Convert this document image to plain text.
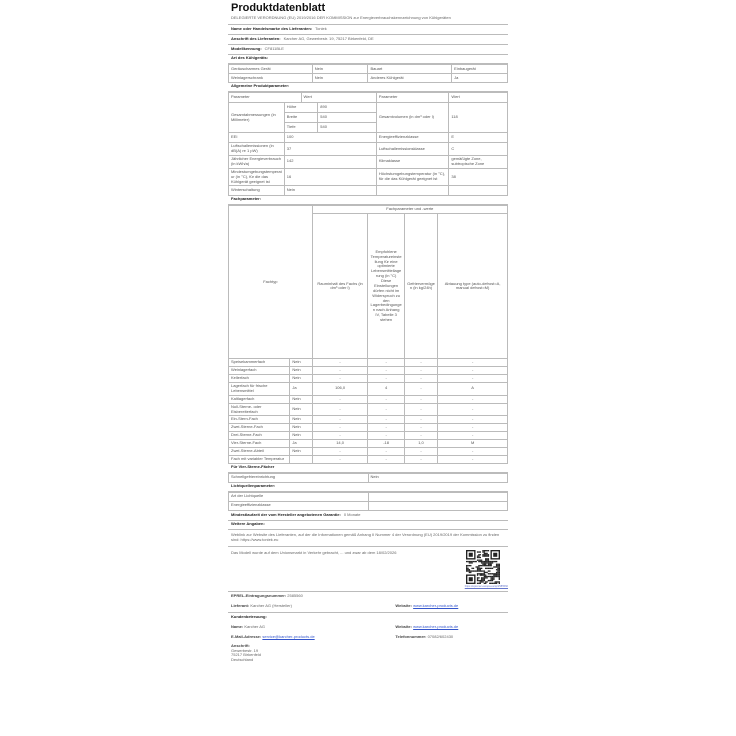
Produktdatenblatt
DELEGIERTE VERORDNUNG (EU) 2019/2016 DER KOMMISSION zur Energieverbrauchskennzeichnung von Kühlgeräten
Name oder Handelsmarke des Lieferanten: Toniek
Anschrift des Lieferanten: Karcher AG, Gewerbestr. 19, 75217 Birkenfeld, DE
Modellkennung: CF811BLE
Art des Kühlgeräts:
Geräuscharmes Gerät	Nein	Bauart	Einbaugerät
Weinlagerschrank	Nein	Anderes Kühlgerät	Ja
Allgemeine Produktparameter:
Parameter		Wert		Parameter	Wert
Gesamtabmessungen (in Millimeter)	Höhe		890	Gesamtvolumen (in dm³ oder l)	118
	Breite		540		
	Tiefe		540		
EEI	100			Energieeffizienzklasse	E
Luftschallemissionen (in dB(A) re 1 pW)	37			Luftschallemissionsklasse	C
Jährlicher Energieverbrauch (in kWh/a)	142			Klimaklasse	gemäßigte Zone, subtropische Zone
Mindestumgebungstemperatur (in °C), für die das Kühlgerät geeignet ist	16			Höchstumgebungstemperatur (in °C), für die das Kühlgerät geeignet ist	38
Winterschaltung	Nein				
Fachparameter:
Fachtyp		Fachparameter und -werte			
		Rauminhalt des Fachs (in dm³ oder l)	Empfohlene Temperatureinstellung für eine optimierte Lebensmittellagerung (in °C) Diese Einstellungen dürfen nicht im Widerspruch zu den Lagerbedingungen nach Anhang IV, Tabelle 3 stehen	Gefriervermögen (in kg/24h)	Abtauung type (auto-defrost=A, manual defrost=M)
Speisekammerfach	Nein	-	-	-	-
Weinlagerfach	Nein	-	-	-	-
Kellerfach	Nein	-	-	-	-
Lagerfach für frische Lebensmittel	Ja	106,0	4	-	A
Kaltlagerfach	Nein	-	-	-	-
Null-Sterne- oder Eisbereiterfach	Nein	-	-	-	-
Ein-Stern-Fach	Nein	-	-	-	-
Zwei-Sterne-Fach	Nein	-	-	-	-
Drei-Sterne-Fach	Nein	-	-	-	-
Vier-Sterne-Fach	Ja	14,0	-18	1,0	M
Zwei-Sterne-Abteil	Nein	-	-	-	-
Fach mit variabler Temperatur		-	-	-	-
Für Vier-Sterne-Fächer
Schnellgefriereinrichtung	Nein
Lichtquellenparameter:
Art der Lichtquelle	
Energieeffizienzklasse	
Mindestlaufzeit der vom Hersteller angebotenen Garantie: 0 Monate
Weitere Angaben:
Weblink zur Website des Lieferanten, auf der die Informationen gemäß Anhang II Nummer 4 der Verordnung (EU) 2019/2019 der Kommission zu finden sind: https://www.toniek.eu
Das Modell wurde auf dem Unionsmarkt in Verkehr gebracht, ... und zwar ab dem 18/02/2026
https://eprel.ec.europa.eu/qr/2585560
EPREL-Eintragungsnummer: 2585560
Lieferant: Karcher AG (Hersteller)	Website: www.karcher-products.de
Kundenbetreuung:
Name: Karcher AG	Website: www.karcher-products.de
E-Mail-Adresse: service@karcher-products.de	Telefonnummer: 07082/602430
Anschrift:
Gewerbestr. 19
75217 Birkenfeld
Deutschland
